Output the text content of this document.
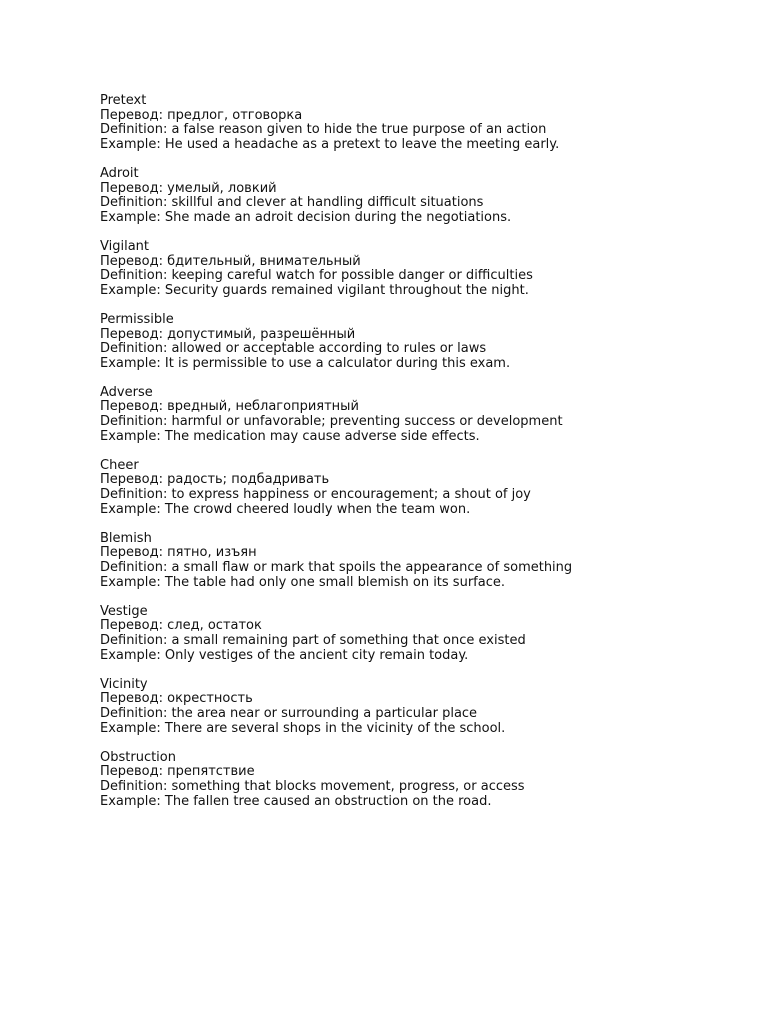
Pretext
Перевод: предлог, отговорка
Definition: a false reason given to hide the true purpose of an action
Example: He used a headache as a pretext to leave the meeting early.
Adroit
Перевод: умелый, ловкий
Definition: skillful and clever at handling difficult situations
Example: She made an adroit decision during the negotiations.
Vigilant
Перевод: бдительный, внимательный
Definition: keeping careful watch for possible danger or difficulties
Example: Security guards remained vigilant throughout the night.
Permissible
Перевод: допустимый, разрешённый
Definition: allowed or acceptable according to rules or laws
Example: It is permissible to use a calculator during this exam.
Adverse
Перевод: вредный, неблагоприятный
Definition: harmful or unfavorable; preventing success or development
Example: The medication may cause adverse side effects.
Cheer
Перевод: радость; подбадривать
Definition: to express happiness or encouragement; a shout of joy
Example: The crowd cheered loudly when the team won.
Blemish
Перевод: пятно, изъян
Definition: a small flaw or mark that spoils the appearance of something
Example: The table had only one small blemish on its surface.
Vestige
Перевод: след, остаток
Definition: a small remaining part of something that once existed
Example: Only vestiges of the ancient city remain today.
Vicinity
Перевод: окрестность
Definition: the area near or surrounding a particular place
Example: There are several shops in the vicinity of the school.
Obstruction
Перевод: препятствие
Definition: something that blocks movement, progress, or access
Example: The fallen tree caused an obstruction on the road.
